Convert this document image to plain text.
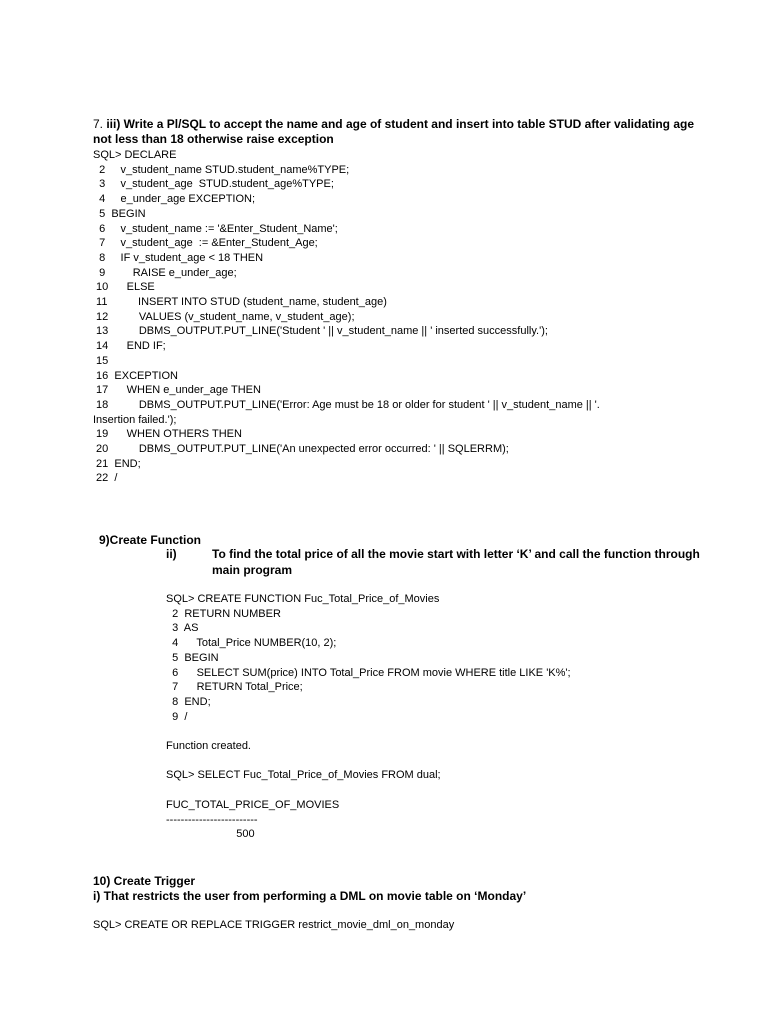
7. iii) Write a Pl/SQL to accept the name and age of student and insert into table STUD after validating age
not less than 18 otherwise raise exception
SQL> DECLARE
2     v_student_name STUD.student_name%TYPE;
3     v_student_age  STUD.student_age%TYPE;
4     e_under_age EXCEPTION;
5  BEGIN
6     v_student_name := '&Enter_Student_Name';
7     v_student_age  := &Enter_Student_Age;
8     IF v_student_age < 18 THEN
9         RAISE e_under_age;
10      ELSE
11          INSERT INTO STUD (student_name, student_age)
12          VALUES (v_student_name, v_student_age);
13          DBMS_OUTPUT.PUT_LINE('Student ' || v_student_name || ' inserted successfully.');
14      END IF;
15
16  EXCEPTION
17      WHEN e_under_age THEN
18          DBMS_OUTPUT.PUT_LINE('Error: Age must be 18 or older for student ' || v_student_name || '.
Insertion failed.');
19      WHEN OTHERS THEN
20          DBMS_OUTPUT.PUT_LINE('An unexpected error occurred: ' || SQLERRM);
21  END;
22  /
9)Create Function
ii)	To find the total price of all the movie start with letter ‘K’ and call the function through
main program
SQL> CREATE FUNCTION Fuc_Total_Price_of_Movies
2  RETURN NUMBER
3  AS
4      Total_Price NUMBER(10, 2);
5  BEGIN
6      SELECT SUM(price) INTO Total_Price FROM movie WHERE title LIKE 'K%';
7      RETURN Total_Price;
8  END;
9  /
Function created.
SQL> SELECT Fuc_Total_Price_of_Movies FROM dual;
FUC_TOTAL_PRICE_OF_MOVIES
-------------------------
500
10) Create Trigger
i) That restricts the user from performing a DML on movie table on ‘Monday’
SQL> CREATE OR REPLACE TRIGGER restrict_movie_dml_on_monday
